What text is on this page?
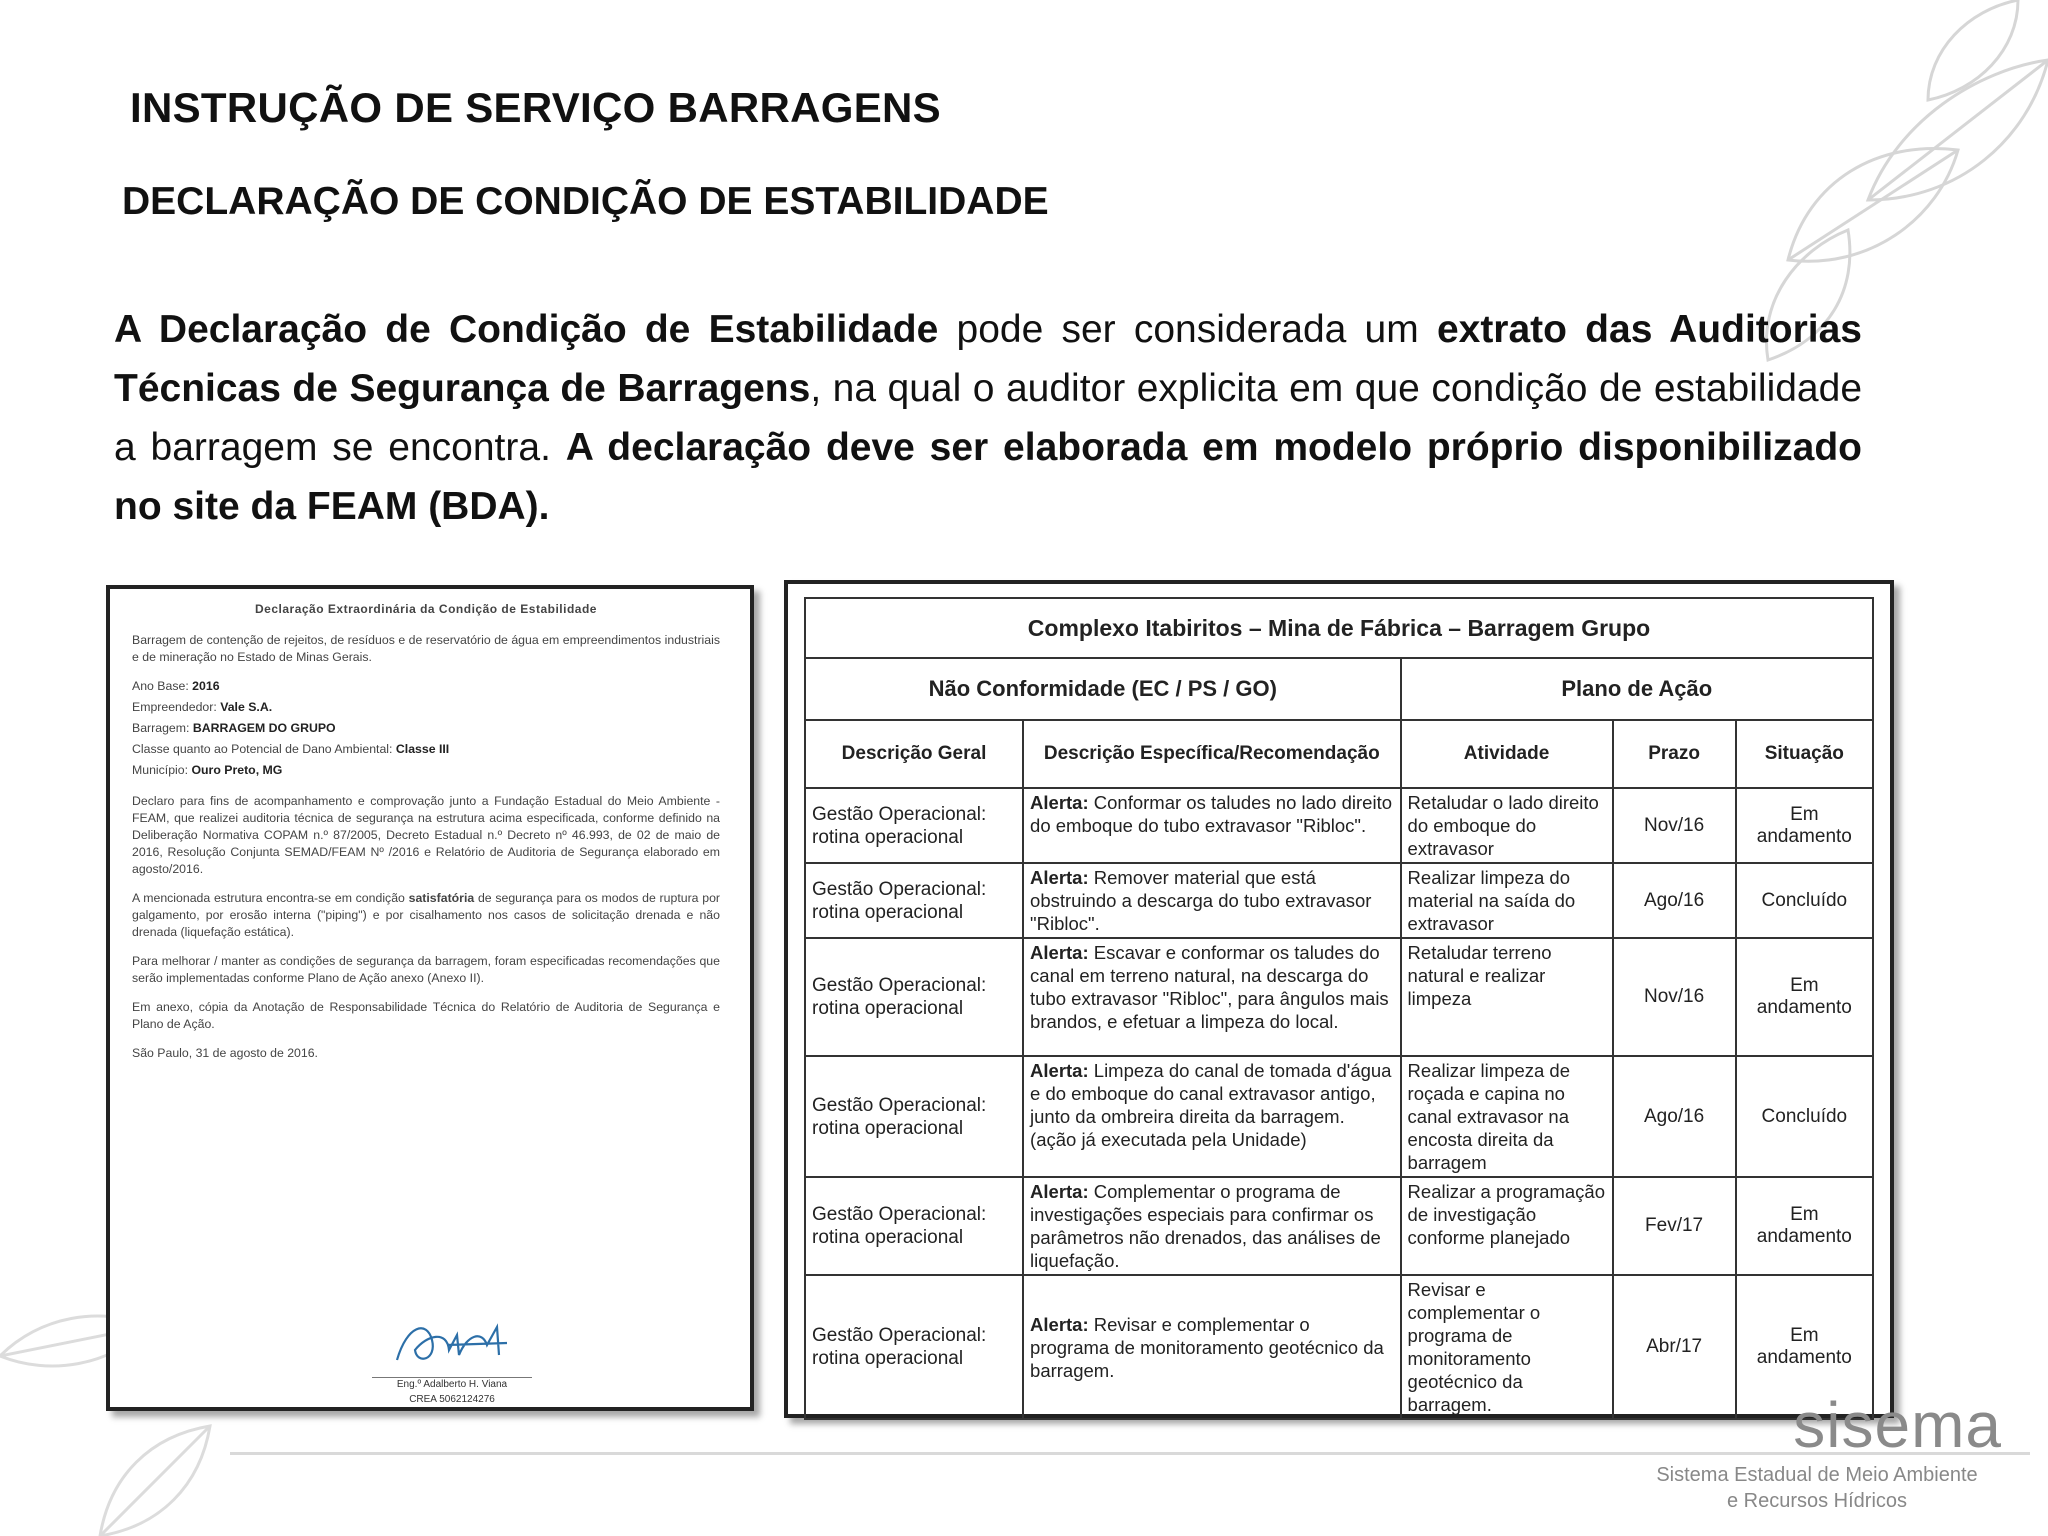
INSTRUÇÃO DE SERVIÇO BARRAGENS
DECLARAÇÃO DE CONDIÇÃO DE ESTABILIDADE
A Declaração de Condição de Estabilidade pode ser considerada um extrato das Auditorias Técnicas de Segurança de Barragens, na qual o auditor explicita em que condição de estabilidade a barragem se encontra. A declaração deve ser elaborada em modelo próprio disponibilizado no site da FEAM (BDA).
Declaração Extraordinária da Condição de Estabilidade

Barragem de contenção de rejeitos, de resíduos e de reservatório de água em empreendimentos industriais e de mineração no Estado de Minas Gerais.

Ano Base: 2016
Empreendedor: Vale S.A.
Barragem: BARRAGEM DO GRUPO
Classe quanto ao Potencial de Dano Ambiental: Classe III
Município: Ouro Preto, MG

Declaro para fins de acompanhamento e comprovação junto a Fundação Estadual do Meio Ambiente - FEAM, que realizei auditoria técnica de segurança na estrutura acima especificada, conforme definido na Deliberação Normativa COPAM n.º 87/2005, Decreto Estadual n.º Decreto nº 46.993, de 02 de maio de 2016, Resolução Conjunta SEMAD/FEAM Nº /2016 e Relatório de Auditoria de Segurança elaborado em agosto/2016.

A mencionada estrutura encontra-se em condição satisfatória de segurança para os modos de ruptura por galgamento, por erosão interna ("piping") e por cisalhamento nos casos de solicitação drenada e não drenada (liquefação estática).

Para melhorar / manter as condições de segurança da barragem, foram especificadas recomendações que serão implementadas conforme Plano de Ação anexo (Anexo II).

Em anexo, cópia da Anotação de Responsabilidade Técnica do Relatório de Auditoria de Segurança e Plano de Ação.

São Paulo, 31 de agosto de 2016.

Eng.º Adalberto H. Viana
CREA 5062124276
Complexo Itabiritos – Mina de Fábrica – Barragem Grupo				
Não Conformidade (EC / PS / GO)		Plano de Ação		
Descrição Geral	Descrição Específica/Recomendação	Atividade	Prazo	Situação
Gestão Operacional: rotina operacional	Alerta: Conformar os taludes no lado direito do emboque do tubo extravasor "Ribloc".	Retaludar o lado direito do emboque do extravasor	Nov/16	Em andamento
Gestão Operacional: rotina operacional	Alerta: Remover material que está obstruindo a descarga do tubo extravasor "Ribloc".	Realizar limpeza do material na saída do extravasor	Ago/16	Concluído
Gestão Operacional: rotina operacional	Alerta: Escavar e conformar os taludes do canal em terreno natural, na descarga do tubo extravasor "Ribloc", para ângulos mais brandos, e efetuar a limpeza do local.	Retaludar terreno natural e realizar limpeza	Nov/16	Em andamento
Gestão Operacional: rotina operacional	Alerta: Limpeza do canal de tomada d'água e do emboque do canal extravasor antigo, junto da ombreira direita da barragem. (ação já executada pela Unidade)	Realizar limpeza de roçada e capina no canal extravasor na encosta direita da barragem	Ago/16	Concluído
Gestão Operacional: rotina operacional	Alerta: Complementar o programa de investigações especiais para confirmar os parâmetros não drenados, das análises de liquefação.	Realizar a programação de investigação conforme planejado	Fev/17	Em andamento
Gestão Operacional: rotina operacional	Alerta: Revisar e complementar o programa de monitoramento geotécnico da barragem.	Revisar e complementar o programa de monitoramento geotécnico da barragem.	Abr/17	Em andamento
sisema
Sistema Estadual de Meio Ambiente
e Recursos Hídricos
